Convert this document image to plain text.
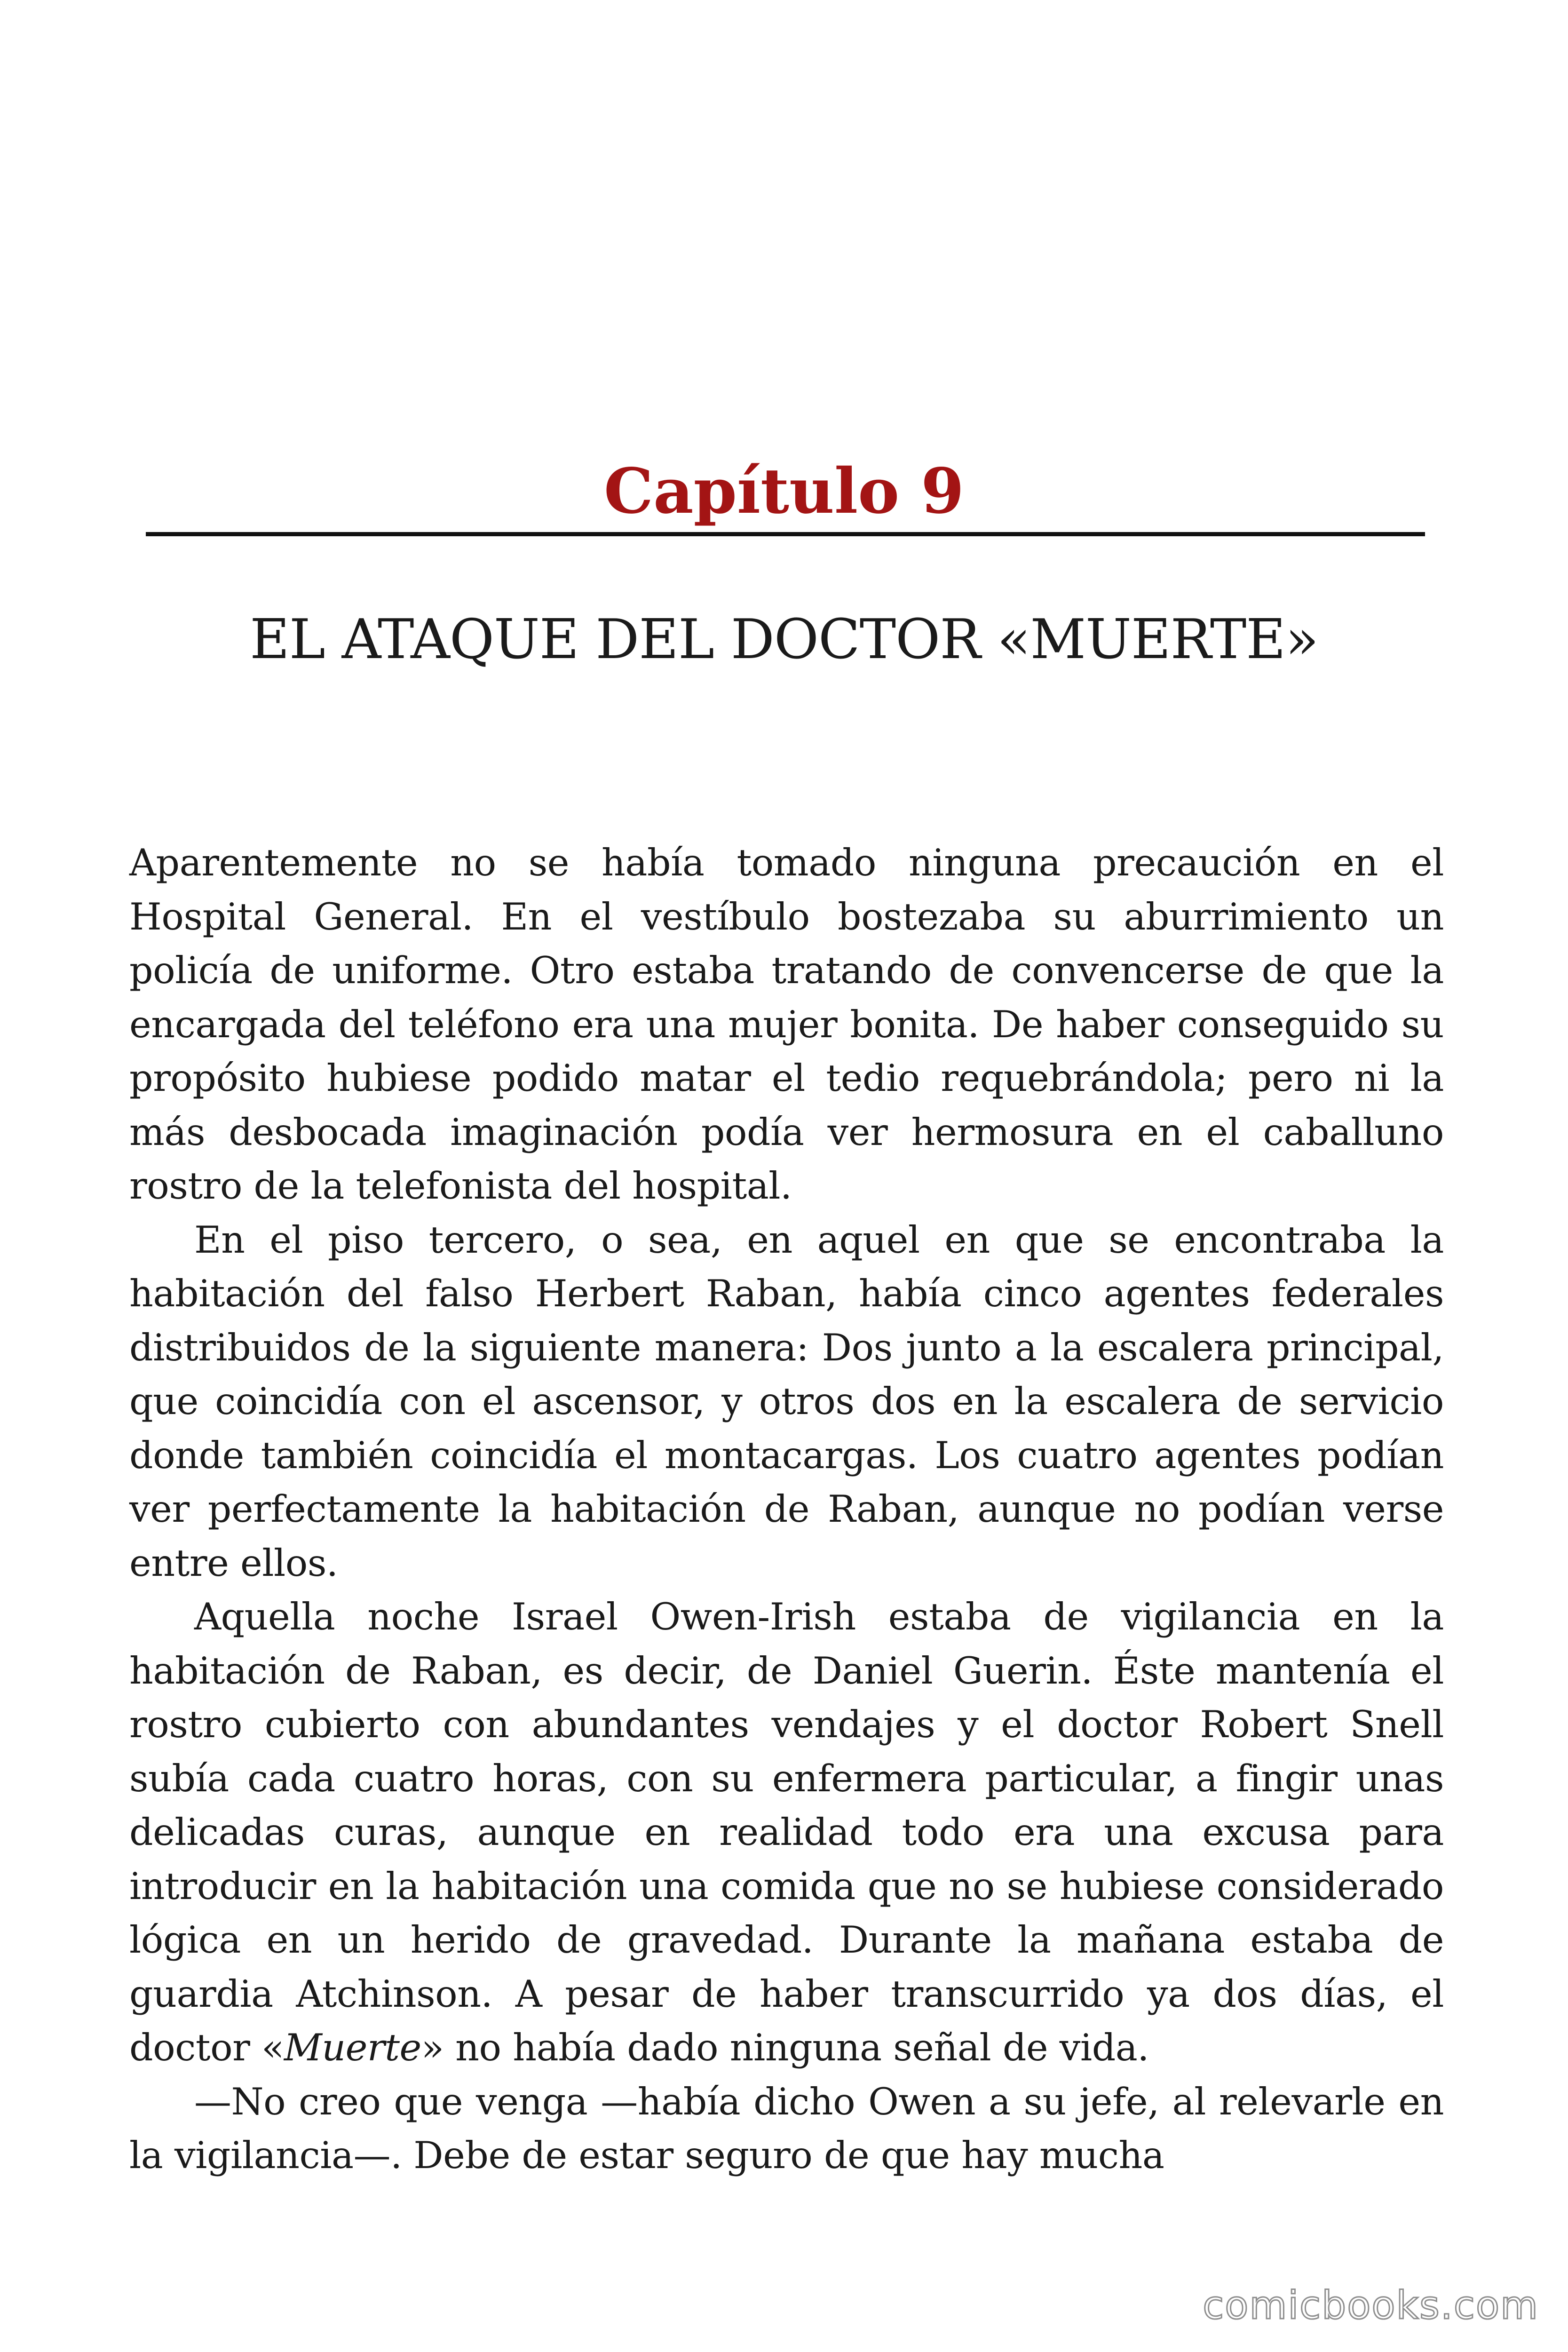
Capítulo 9
EL ATAQUE DEL DOCTOR «MUERTE»

Aparentemente no se había tomado ninguna precaución en el Hospital General. En el vestíbulo bostezaba su aburrimiento un policía de uniforme. Otro estaba tratando de convencerse de que la encargada del teléfono era una mujer bonita. De haber conseguido su propósito hubiese podido matar el tedio requebrándola; pero ni la más desbocada imaginación podía ver hermosura en el caballuno rostro de la telefonista del hospital.

En el piso tercero, o sea, en aquel en que se encontraba la habitación del falso Herbert Raban, había cinco agentes federales distribuidos de la siguiente manera: Dos junto a la escalera principal, que coincidía con el ascensor, y otros dos en la escalera de servicio donde también coincidía el montacargas. Los cuatro agentes podían ver perfectamente la habitación de Raban, aunque no podían verse entre ellos.

Aquella noche Israel Owen-Irish estaba de vigilancia en la habitación de Raban, es decir, de Daniel Guerin. Éste mantenía el rostro cubierto con abundantes vendajes y el doctor Robert Snell subía cada cuatro horas, con su enfermera particular, a fingir unas delicadas curas, aunque en realidad todo era una excusa para introducir en la habitación una comida que no se hubiese considerado lógica en un herido de gravedad. Durante la mañana estaba de guardia Atchinson. A pesar de haber transcurrido ya dos días, el doctor «Muerte» no había dado ninguna señal de vida.

—No creo que venga —había dicho Owen a su jefe, al relevarle en la vigilancia—. Debe de estar seguro de que hay mucha

comicbooks.com
